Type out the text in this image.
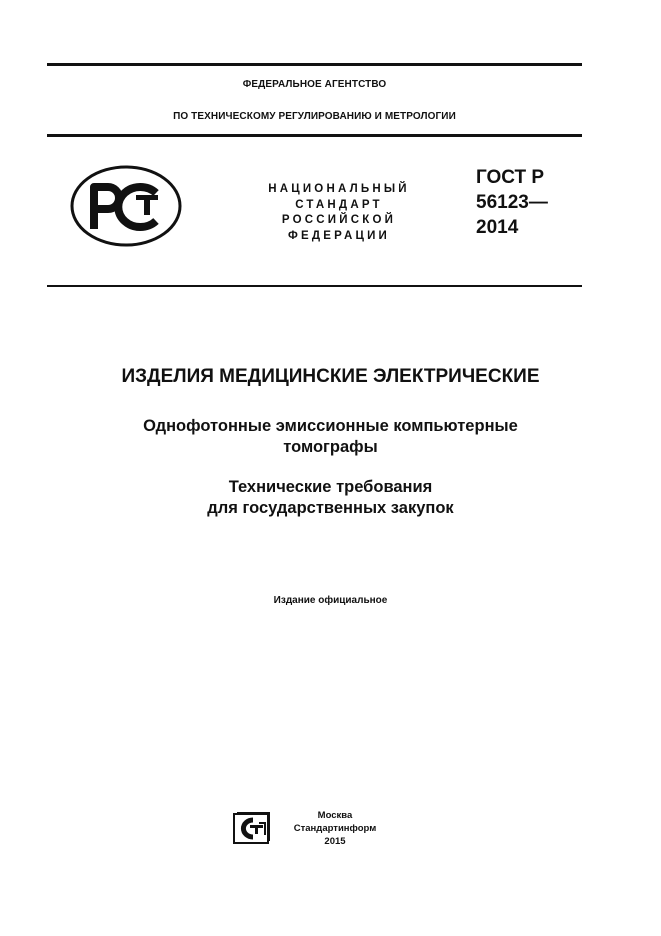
ФЕДЕРАЛЬНОЕ АГЕНТСТВО
ПО ТЕХНИЧЕСКОМУ РЕГУЛИРОВАНИЮ И МЕТРОЛОГИИ
НАЦИОНАЛЬНЫЙ
СТАНДАРТ
РОССИЙСКОЙ
ФЕДЕРАЦИИ
ГОСТ Р
56123—
2014
ИЗДЕЛИЯ МЕДИЦИНСКИЕ ЭЛЕКТРИЧЕСКИЕ
Однофотонные эмиссионные компьютерные
томографы
Технические требования
для государственных закупок
Издание официальное
Москва
Стандартинформ
2015
